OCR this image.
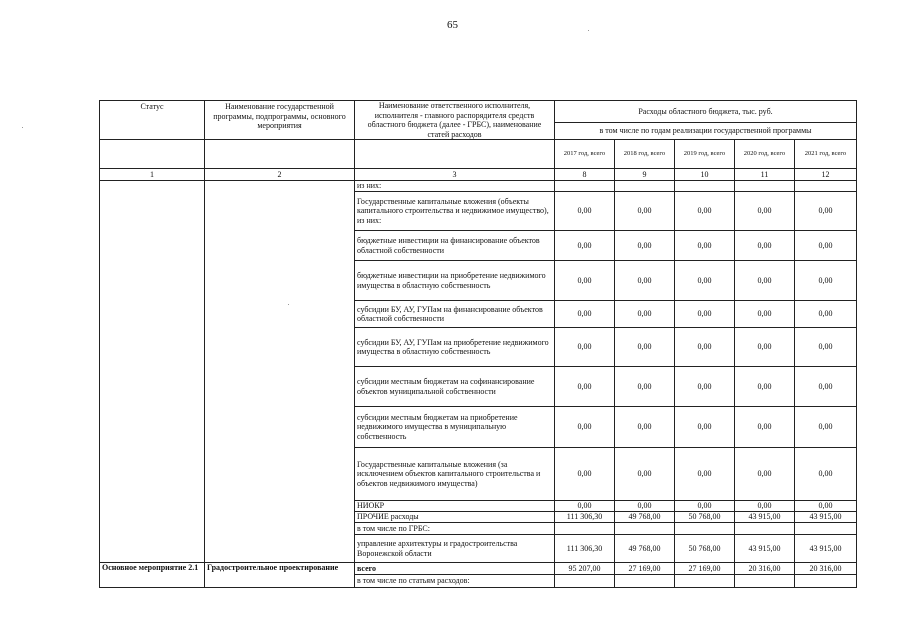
65
Статус	Наименование государственной программы, подпрограммы, основного мероприятия	Наименование ответственного исполнителя, исполнителя - главного распорядителя средств областного бюджета (далее - ГРБС), наименование статей расходов	Расходы областного бюджета, тыс. руб.				
			в том числе по годам реализации государственной программы				
			2017 год, всего	2018 год, всего	2019 год, всего	2020 год, всего	2021 год, всего
1	2	3	8	9	10	11	12
		из них:					
		Государственные капитальные вложения (объекты капитального строительства и недвижимое имущество), из них:	0,00	0,00	0,00	0,00	0,00
		бюджетные инвестиции на финансирование объектов областной собственности	0,00	0,00	0,00	0,00	0,00
		бюджетные инвестиции на приобретение недвижимого имущества в областную собственность	0,00	0,00	0,00	0,00	0,00
		субсидии БУ, АУ, ГУПам на финансирование объектов областной собственности	0,00	0,00	0,00	0,00	0,00
		субсидии БУ, АУ, ГУПам на приобретение недвижимого имущества в областную собственность	0,00	0,00	0,00	0,00	0,00
		субсидии местным бюджетам на софинансирование объектов муниципальной собственности	0,00	0,00	0,00	0,00	0,00
		субсидии местным бюджетам на приобретение недвижимого имущества в муниципальную собственность	0,00	0,00	0,00	0,00	0,00
		Государственные капитальные вложения (за исключением объектов капитального строительства и объектов недвижимого имущества)	0,00	0,00	0,00	0,00	0,00
		НИОКР	0,00	0,00	0,00	0,00	0,00
		ПРОЧИЕ расходы	111 306,30	49 768,00	50 768,00	43 915,00	43 915,00
		в том числе по ГРБС:					
		управление архитектуры и градостроительства Воронежской области	111 306,30	49 768,00	50 768,00	43 915,00	43 915,00
Основное мероприятие 2.1	Градостроительное проектирование	всего	95 207,00	27 169,00	27 169,00	20 316,00	20 316,00
		в том числе по статьям расходов:					
